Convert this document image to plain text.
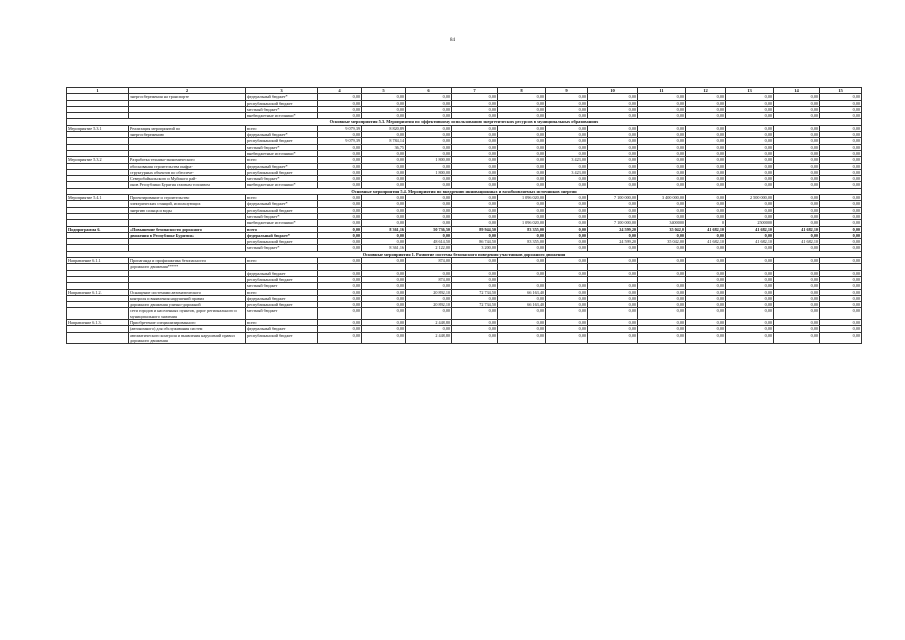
84
1	2	3	4	5	6	7	8	9	10	11	12	13	14	15
	энергосбережения на транспорте	федеральный бюджет*	0,00	0,00	0,00	0,00	0,00	0,00	0,00	0,00	0,00	0,00	0,00	0,00
		республиканский бюджет	0,00	0,00	0,00	0,00	0,00	0,00	0,00	0,00	0,00	0,00	0,00	0,00
		местный бюджет*	0,00	0,00	0,00	0,00	0,00	0,00	0,00	0,00	0,00	0,00	0,00	0,00
		внебюджетные источники*	0,00	0,00	0,00	0,00	0,00	0,00	0,00	0,00	0,00	0,00	0,00	0,00
Основные мероприятия 5.3. Мероприятия по эффективному использованию энергетических ресурсов в муниципальных образованиях														
Мероприятие 5.3.1	Реализация мероприятий по	всего	9 079,39	8 820,89	0,00	0,00	0,00	0,00	0,00	0,00	0,00	0,00	0,00	0,00
	энергосбережению	федеральный бюджет*	0,00	0,00	0,00	0,00	0,00	0,00	0,00	0,00	0,00	0,00	0,00	0,00
		республиканский бюджет	9 079,39	8 784,14	0,00	0,00	0,00	0,00	0,00	0,00	0,00	0,00	0,00	0,00
		местный бюджет*	0,00	36,75	0,00	0,00	0,00	0,00	0,00	0,00	0,00	0,00	0,00	0,00
		внебюджетные источники*	0,00	0,00	0,00	0,00	0,00	0,00	0,00	0,00	0,00	0,00	0,00	0,00
Мероприятие 5.3.2	Разработка технико-экономического	всего	0,00	0,00	1 800,00	0,00	0,00	3 423,00	0,00	0,00	0,00	0,00	0,00	0,00
	обоснования строительства инфра-	федеральный бюджет*	0,00	0,00	0,00	0,00	0,00	0,00	0,00	0,00	0,00	0,00	0,00	0,00
	структурных объектов по обеспече-	республиканский бюджет	0,00	0,00	1 800,00	0,00	0,00	3 423,00	0,00	0,00	0,00	0,00	0,00	0,00
	Северобайкальского и Муйского рай-	местный бюджет*	0,00	0,00	0,00	0,00	0,00	0,00	0,00	0,00	0,00	0,00	0,00	0,00
	онов Республики Бурятия газовым топливом	внебюджетные источники*	0,00	0,00	0,00	0,00	0,00	0,00	0,00	0,00	0,00	0,00	0,00	0,00
Основные мероприятия 5.4. Мероприятия по внедрению инновационных и возобновляемых источников энергии														
Мероприятие 5.4.1	Проектирование и строительство	всего	0,00	0,00	0,00	0,00	1 096 020,00	0,00	7 100 000,00	3 400 000,00	0,00	2 500 000,00	0,00	0,00
	электрических станций, использующих	федеральный бюджет*	0,00	0,00	0,00	0,00	0,00	0,00	0,00	0,00	0,00	0,00	0,00	0,00
	энергию солнца и воды	республиканский бюджет	0,00	0,00	0,00	0,00	0,00	0,00	0,00	0,00	0,00	0,00	0,00	0,00
		местный бюджет*	0,00	0,00	0,00	0,00	0,00	0,00	0,00	0,00	0,00	0,00	0,00	0,00
		внебюджетные источники*	0,00	0,00	0,00	0,00	1 096 020,00	0,00	7 100 000,00	3400000	0	2500000	0,00	0,00
Подпрограмма 6.	«Повышение безопасности дорожного	всего	0,00	8 361,16	50 736,50	89 944,50	83 355,00	0,00	24 599,20	35 042,0	41 682,10	41 682,10	41 682,10	0,00
	движения в Республике Бурятия»	федеральный бюджет*	0,00	0,00	0,00	0,00	0,00	0,00	0,00	0,00	0,00	0,00	0,00	0,00
		республиканский бюджет	0,00	0,00	48 614,50	86 744,50	83 355,00	0,00	24 599,20	35 042,00	41 682,10	41 682,10	41 682,10	0,00
		местный бюджет*	0,00	8 361,16	2 122,00	3 200,00	0,00	0,00	0,00	0,00	0,00	0,00	0,00	0,00
Основные мероприятия 1. Развитие системы безопасного поведения участников дорожного движения														
Направление 6.1.1	Пропаганда и профилактика безопасности	всего	0,00	0,00	874,00	0,00	0,00	0,00	0,00	0,00	0,00	0,00	0,00	0,00
	дорожного движения*****													
		федеральный бюджет	0,00	0,00	0,00	0,00	0,00	0,00	0,00	0,00	0,00	0,00	0,00	0,00
		республиканский бюджет	0,00	0,00	874,00	0,00					0,00	0,00	0,00	0,00
		местный бюджет	0,00	0,00	0,00	0,00	0,00	0,00	0,00	0,00	0,00	0,00	0,00	0,00
Направление 6.1.2.	Оснащение системами автоматического	всего	0,00	0,00	20 892,10	72 734,50	66 163,40	0,00	0,00	0,00	0,00	0,00	0,00	0,00
	контроля и выявления нарушений правил	федеральный бюджет	0,00	0,00	0,00	0,00	0,00	0,00	0,00	0,00	0,00	0,00	0,00	0,00
	дорожного движения улично-дорожной	республиканский бюджет	0,00	0,00	20 892,10	72 734,50	66 163,40	0,00	0,00	0,00	0,00	0,00	0,00	0,00
	сети городов и населенных пунктов, дорог регионального и муниципального значения	местный бюджет	0,00	0,00	0,00	0,00	0,00	0,00	0,00	0,00	0,00	0,00	0,00	0,00
Направление 6.1.3.	Приобретение специализированного	всего	0,00	0,00	2 448,80	0,00	0,00	0,00	0,00	0,00	0,00	0,00	0,00	0,00
	(автономного) для обслуживания систем	федеральный бюджет	0,00	0,00	0,00	0,00	0,00	0,00	0,00	0,00	0,00	0,00	0,00	0,00
	автоматического контроля и выявления нарушений правил дорожного движения	республиканский бюджет	0,00	0,00	2 448,80	0,00	0,00	0,00	0,00	0,00	0,00	0,00	0,00	0,00
